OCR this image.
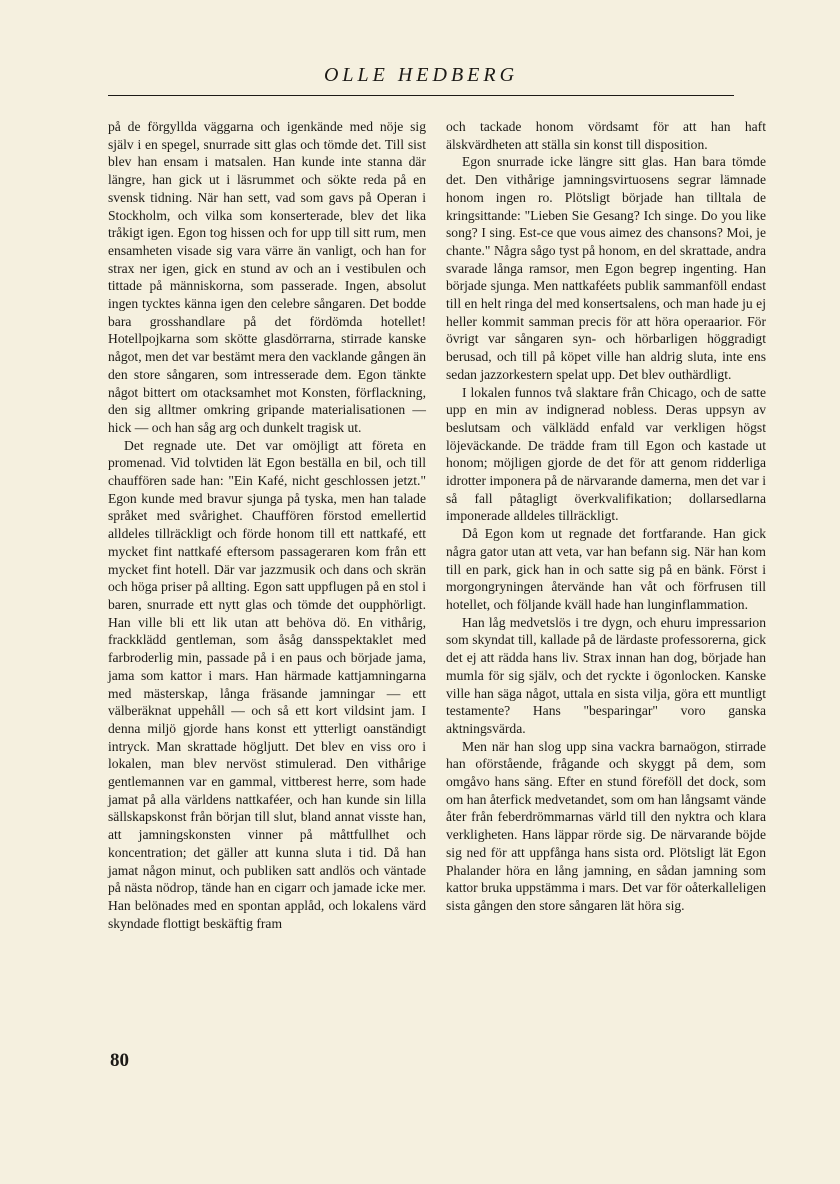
OLLE HEDBERG

på de förgyllda väggarna och igenkände med nöje sig själv i en spegel, snurrade sitt glas och tömde det. Till sist blev han ensam i matsalen. Han kunde inte stanna där längre, han gick ut i läsrummet och sökte reda på en svensk tidning. När han sett, vad som gavs på Operan i Stockholm, och vilka som konserterade, blev det lika tråkigt igen. Egon tog hissen och for upp till sitt rum, men ensamheten visade sig vara värre än vanligt, och han for strax ner igen, gick en stund av och an i vestibulen och tittade på människorna, som passerade. Ingen, absolut ingen tycktes känna igen den celebre sångaren. Det bodde bara grosshandlare på det fördömda hotellet! Hotellpojkarna som skötte glasdörrarna, stirrade kanske något, men det var bestämt mera den vacklande gången än den store sångaren, som intresserade dem. Egon tänkte något bittert om otacksamhet mot Konsten, förflackning, den sig alltmer omkring gripande materialisationen — hick — och han såg arg och dunkelt tragisk ut.

Det regnade ute. Det var omöjligt att företa en promenad. Vid tolvtiden lät Egon beställa en bil, och till chauffören sade han: "Ein Kafé, nicht geschlossen jetzt." Egon kunde med bravur sjunga på tyska, men han talade språket med svårighet. Chauffören förstod emellertid alldeles tillräckligt och förde honom till ett nattkafé, ett mycket fint nattkafé eftersom passageraren kom från ett mycket fint hotell. Där var jazzmusik och dans och skrän och höga priser på allting. Egon satt uppflugen på en stol i baren, snurrade ett nytt glas och tömde det oupphörligt. Han ville bli ett lik utan att behöva dö. En vithårig, frackklädd gentleman, som åsåg dansspektaklet med farbroderlig min, passade på i en paus och började jama, jama som kattor i mars. Han härmade kattjamningarna med mästerskap, långa fräsande jamningar — ett välberäknat uppehåll — och så ett kort vildsint jam. I denna miljö gjorde hans konst ett ytterligt oanständigt intryck. Man skrattade högljutt. Det blev en viss oro i lokalen, man blev nervöst stimulerad. Den vithårige gentlemannen var en gammal, vittberest herre, som hade jamat på alla världens nattkaféer, och han kunde sin lilla sällskapskonst från början till slut, bland annat visste han, att jamningskonsten vinner på måttfullhet och koncentration; det gäller att kunna sluta i tid. Då han jamat någon minut, och publiken satt andlös och väntade på nästa nödrop, tände han en cigarr och jamade icke mer. Han belönades med en spontan applåd, och lokalens värd skyndade flottigt beskäftig fram

och tackade honom vördsamt för att han haft älskvärdheten att ställa sin konst till disposition.

Egon snurrade icke längre sitt glas. Han bara tömde det. Den vithårige jamningsvirtuosens segrar lämnade honom ingen ro. Plötsligt började han tilltala de kringsittande: "Lieben Sie Gesang? Ich singe. Do you like song? I sing. Est-ce que vous aimez des chansons? Moi, je chante." Några sågo tyst på honom, en del skrattade, andra svarade långa ramsor, men Egon begrep ingenting. Han började sjunga. Men nattkaféets publik sammanföll endast till en helt ringa del med konsertsalens, och man hade ju ej heller kommit samman precis för att höra operaarior. För övrigt var sångaren syn- och hörbarligen höggradigt berusad, och till på köpet ville han aldrig sluta, inte ens sedan jazzorkestern spelat upp. Det blev outhärdligt.

I lokalen funnos två slaktare från Chicago, och de satte upp en min av indignerad nobless. Deras uppsyn av beslutsam och välklädd enfald var verkligen högst löjeväckande. De trädde fram till Egon och kastade ut honom; möjligen gjorde de det för att genom ridderliga idrotter imponera på de närvarande damerna, men det var i så fall påtagligt överkvalifikation; dollarsedlarna imponerade alldeles tillräckligt.

Då Egon kom ut regnade det fortfarande. Han gick några gator utan att veta, var han befann sig. När han kom till en park, gick han in och satte sig på en bänk. Först i morgongryningen återvände han våt och förfrusen till hotellet, och följande kväll hade han lunginflammation.

Han låg medvetslös i tre dygn, och ehuru impressarion som skyndat till, kallade på de lärdaste professorerna, gick det ej att rädda hans liv. Strax innan han dog, började han mumla för sig själv, och det ryckte i ögonlocken. Kanske ville han säga något, uttala en sista vilja, göra ett muntligt testamente? Hans "besparingar" voro ganska aktningsvärda.

Men när han slog upp sina vackra barnaögon, stirrade han oförstående, frågande och skyggt på dem, som omgåvo hans säng. Efter en stund föreföll det dock, som om han återfick medvetandet, som om han långsamt vände åter från feberdrömmarnas värld till den nyktra och klara verkligheten. Hans läppar rörde sig. De närvarande böjde sig ned för att uppfånga hans sista ord. Plötsligt lät Egon Phalander höra en lång jamning, en sådan jamning som kattor bruka uppstämma i mars. Det var för oåterkalleligen sista gången den store sångaren lät höra sig.

80
